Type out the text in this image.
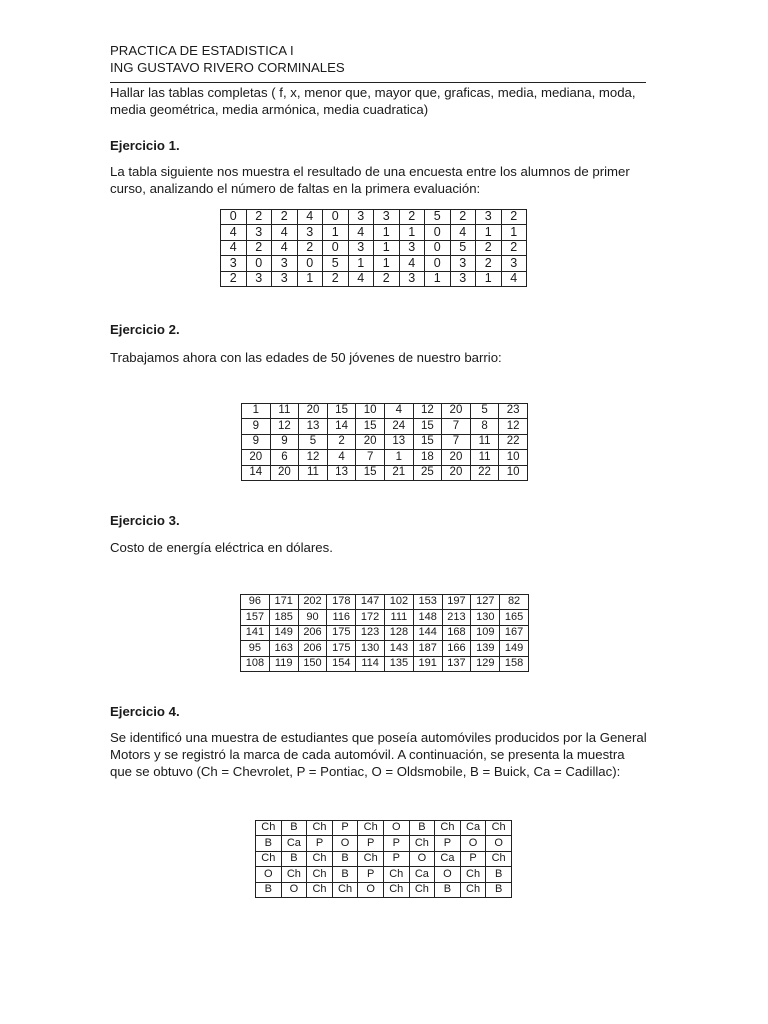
PRACTICA DE ESTADISTICA I

ING GUSTAVO RIVERO CORMINALES

Hallar las tablas completas ( f, x, menor que, mayor que, graficas, media, mediana, moda, media geométrica, media armónica, media cuadratica)

Ejercicio 1.

La tabla siguiente nos muestra el resultado de una encuesta entre los alumnos de primer curso, analizando el número de faltas en la primera evaluación:

0	2	2	4	0	3	3	2	5	2	3	2
4	3	4	3	1	4	1	1	0	4	1	1
4	2	4	2	0	3	1	3	0	5	2	2
3	0	3	0	5	1	1	4	0	3	2	3
2	3	3	1	2	4	2	3	1	3	1	4

Ejercicio 2.

Trabajamos ahora con las edades de 50 jóvenes de nuestro barrio:

1	11	20	15	10	4	12	20	5	23
9	12	13	14	15	24	15	7	8	12
9	9	5	2	20	13	15	7	11	22
20	6	12	4	7	1	18	20	11	10
14	20	11	13	15	21	25	20	22	10

Ejercicio 3.

Costo de energía eléctrica en dólares.

96	171	202	178	147	102	153	197	127	82
157	185	90	116	172	111	148	213	130	165
141	149	206	175	123	128	144	168	109	167
95	163	206	175	130	143	187	166	139	149
108	119	150	154	114	135	191	137	129	158

Ejercicio 4.

Se identificó una muestra de estudiantes que poseía automóviles producidos por la General Motors y se registró la marca de cada automóvil. A continuación, se presenta la muestra que se obtuvo (Ch = Chevrolet, P = Pontiac, O = Oldsmobile, B = Buick, Ca = Cadillac):

Ch	B	Ch	P	Ch	O	B	Ch	Ca	Ch
B	Ca	P	O	P	P	Ch	P	O	O
Ch	B	Ch	B	Ch	P	O	Ca	P	Ch
O	Ch	Ch	B	P	Ch	Ca	O	Ch	B
B	O	Ch	Ch	O	Ch	Ch	B	Ch	B
